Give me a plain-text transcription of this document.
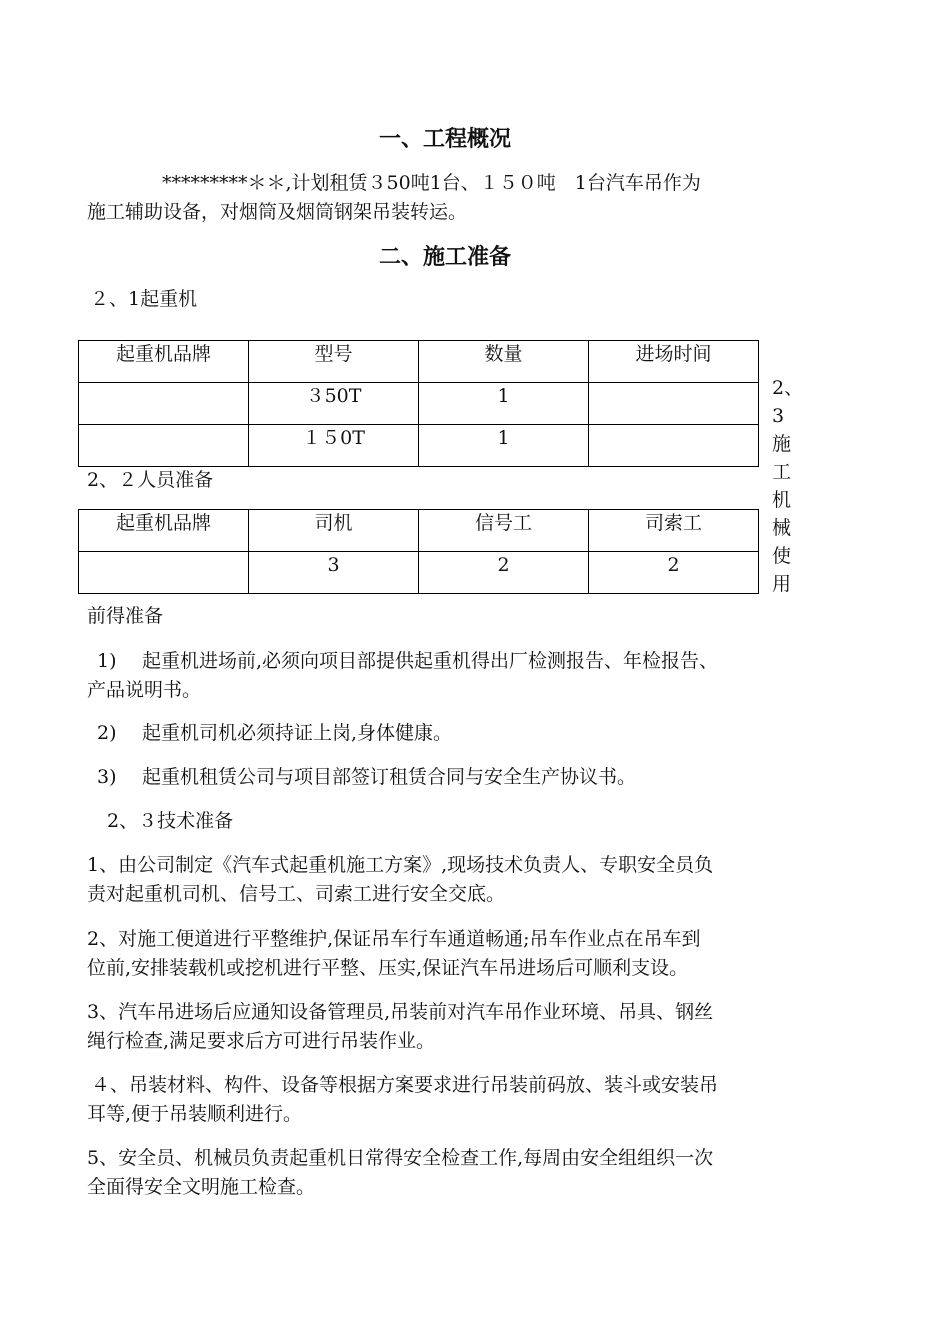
一、工程概况
*********＊＊,计划租赁３50吨1台、１５０吨　1台汽车吊作为
施工辅助设备，对烟筒及烟筒钢架吊装转运。
二、施工准备
２、1起重机
起重机品牌	型号	数量	进场时间
	３50T	1	
	１５0T	1	
2、２人员准备
起重机品牌	司机	信号工	司索工
	3	2	2
2、
3
施
工
机
械
使
用
前得准备
1) 起重机进场前,必须向项目部提供起重机得出厂检测报告、年检报告、
产品说明书。
2) 起重机司机必须持证上岗,身体健康。
3) 起重机租赁公司与项目部签订租赁合同与安全生产协议书。
2、３技术准备
1、由公司制定《汽车式起重机施工方案》,现场技术负责人、专职安全员负
责对起重机司机、信号工、司索工进行安全交底。
2、对施工便道进行平整维护,保证吊车行车通道畅通;吊车作业点在吊车到
位前,安排装载机或挖机进行平整、压实,保证汽车吊进场后可顺利支设。
3、汽车吊进场后应通知设备管理员,吊装前对汽车吊作业环境、吊具、钢丝
绳行检查,满足要求后方可进行吊装作业。
４、吊装材料、构件、设备等根据方案要求进行吊装前码放、装斗或安装吊
耳等,便于吊装顺利进行。
5、安全员、机械员负责起重机日常得安全检查工作,每周由安全组组织一次
全面得安全文明施工检查。
